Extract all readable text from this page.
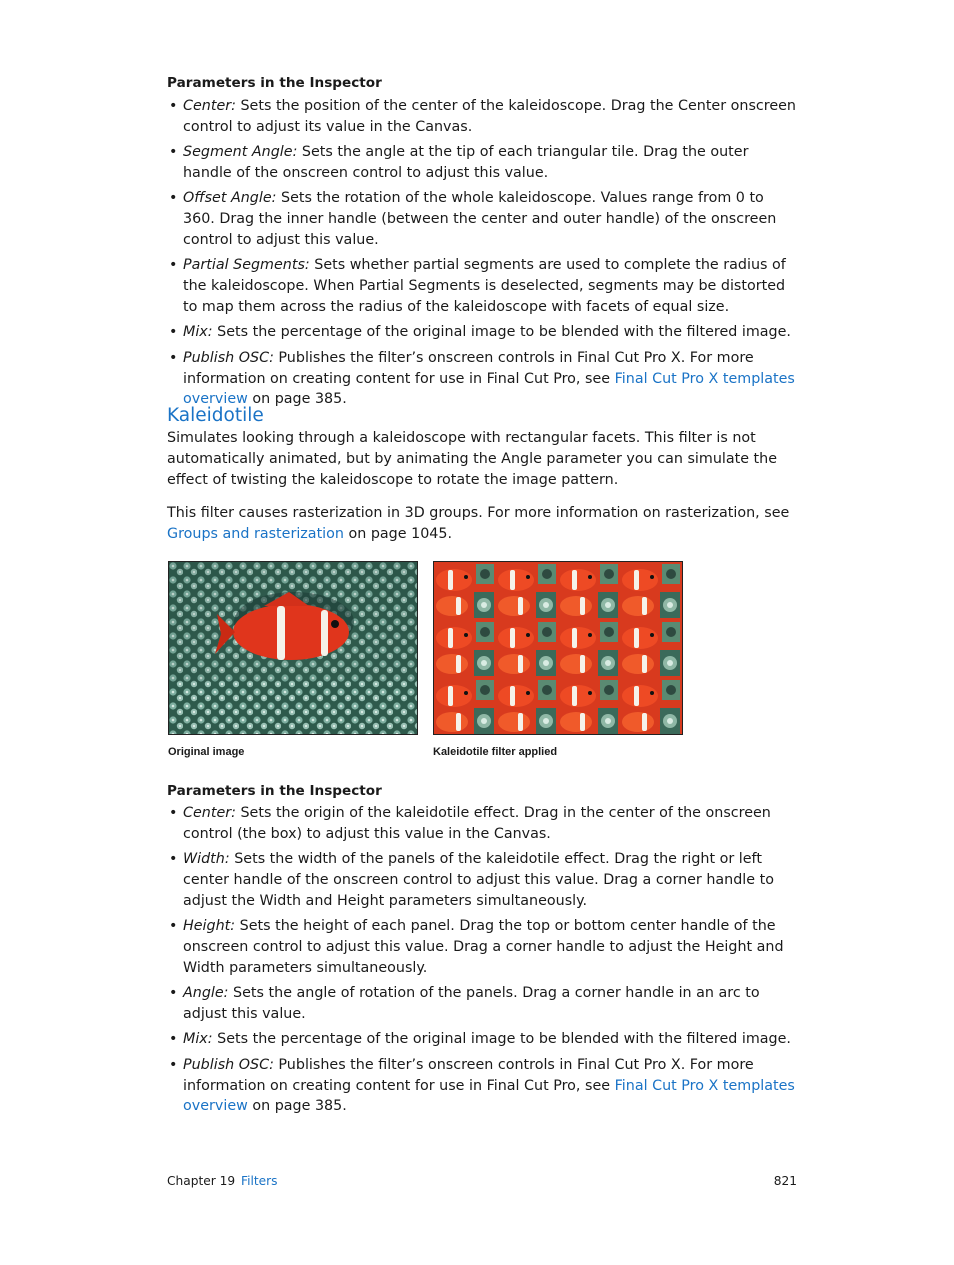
Parameters in the Inspector
• Center: Sets the position of the center of the kaleidoscope. Drag the Center onscreen control to adjust its value in the Canvas.
• Segment Angle: Sets the angle at the tip of each triangular tile. Drag the outer handle of the onscreen control to adjust this value.
• Offset Angle: Sets the rotation of the whole kaleidoscope. Values range from 0 to 360. Drag the inner handle (between the center and outer handle) of the onscreen control to adjust this value.
• Partial Segments: Sets whether partial segments are used to complete the radius of the kaleidoscope. When Partial Segments is deselected, segments may be distorted to map them across the radius of the kaleidoscope with facets of equal size.
• Mix: Sets the percentage of the original image to be blended with the filtered image.
• Publish OSC: Publishes the filter’s onscreen controls in Final Cut Pro X. For more information on creating content for use in Final Cut Pro, see Final Cut Pro X templates overview on page 385.
Kaleidotile

Simulates looking through a kaleidoscope with rectangular facets. This filter is not automatically animated, but by animating the Angle parameter you can simulate the effect of twisting the kaleidoscope to rotate the image pattern.

This filter causes rasterization in 3D groups. For more information on rasterization, see Groups and rasterization on page 1045.

Original image	Kaleidotile filter applied

Parameters in the Inspector
• Center: Sets the origin of the kaleidotile effect. Drag in the center of the onscreen control (the box) to adjust this value in the Canvas.
• Width: Sets the width of the panels of the kaleidotile effect. Drag the right or left center handle of the onscreen control to adjust this value. Drag a corner handle to adjust the Width and Height parameters simultaneously.
• Height: Sets the height of each panel. Drag the top or bottom center handle of the onscreen control to adjust this value. Drag a corner handle to adjust the Height and Width parameters simultaneously.
• Angle: Sets the angle of rotation of the panels. Drag a corner handle in an arc to adjust this value.
• Mix: Sets the percentage of the original image to be blended with the filtered image.
• Publish OSC: Publishes the filter’s onscreen controls in Final Cut Pro X. For more information on creating content for use in Final Cut Pro, see Final Cut Pro X templates overview on page 385.
Chapter 19 Filters	821
